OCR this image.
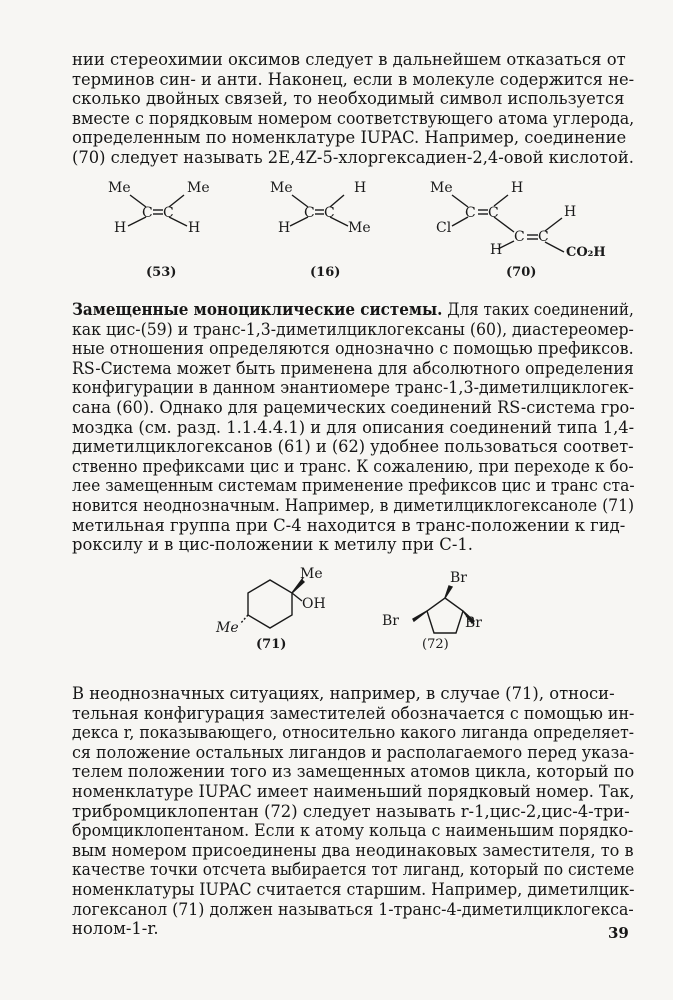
нии стереохимии оксимов следует в дальнейшем отказаться от
терминов син- и анти. Наконец, если в молекуле содержится не-
сколько двойных связей, то необходимый символ используется
вместе с порядковым номером соответствующего атома углерода,
определенным по номенклатуре IUPAC. Например, соединение
(70) следует называть 2E,4Z-5-хлоргексадиен-2,4-овой кислотой.
Me	Me
C C
H	H
(53)
Me	H
C C
H	Me
(16)
Me	H
C C
Cl
H
C C
H
CO₂H
(70)
Замещенные моноциклические системы. Для таких соединений,
как цис-(59) и транс-1,3-диметилциклогексаны (60), диастереомер-
ные отношения определяются однозначно с помощью префиксов.
RS-Система может быть применена для абсолютного определения
конфигурации в данном энантиомере транс-1,3-диметилциклогек-
сана (60). Однако для рацемических соединений RS-система гро-
моздка (см. разд. 1.1.4.4.1) и для описания соединений типа 1,4-
диметилциклогексанов (61) и (62) удобнее пользоваться соответ-
ственно префиксами цис и транс. К сожалению, при переходе к бо-
лее замещенным системам применение префиксов цис и транс ста-
новится неоднозначным. Например, в диметилциклогексаноле (71)
метильная группа при С-4 находится в транс-положении к гид-
роксилу и в цис-положении к метилу при С-1.
Me
OH
Me
(71)
Br
Br	Br
(72)
В неоднозначных ситуациях, например, в случае (71), относи-
тельная конфигурация заместителей обозначается с помощью ин-
декса r, показывающего, относительно какого лиганда определяет-
ся положение остальных лигандов и располагаемого перед указа-
телем положении того из замещенных атомов цикла, который по
номенклатуре IUPAC имеет наименьший порядковый номер. Так,
трибромциклопентан (72) следует называть r-1,цис-2,цис-4-три-
бромциклопентаном. Если к атому кольца с наименьшим порядко-
вым номером присоединены два неодинаковых заместителя, то в
качестве точки отсчета выбирается тот лиганд, который по системе
номенклатуры IUPAC считается старшим. Например, диметилцик-
логексанол (71) должен называться 1-транс-4-диметилциклогекса-
нолом-1-r.	39
